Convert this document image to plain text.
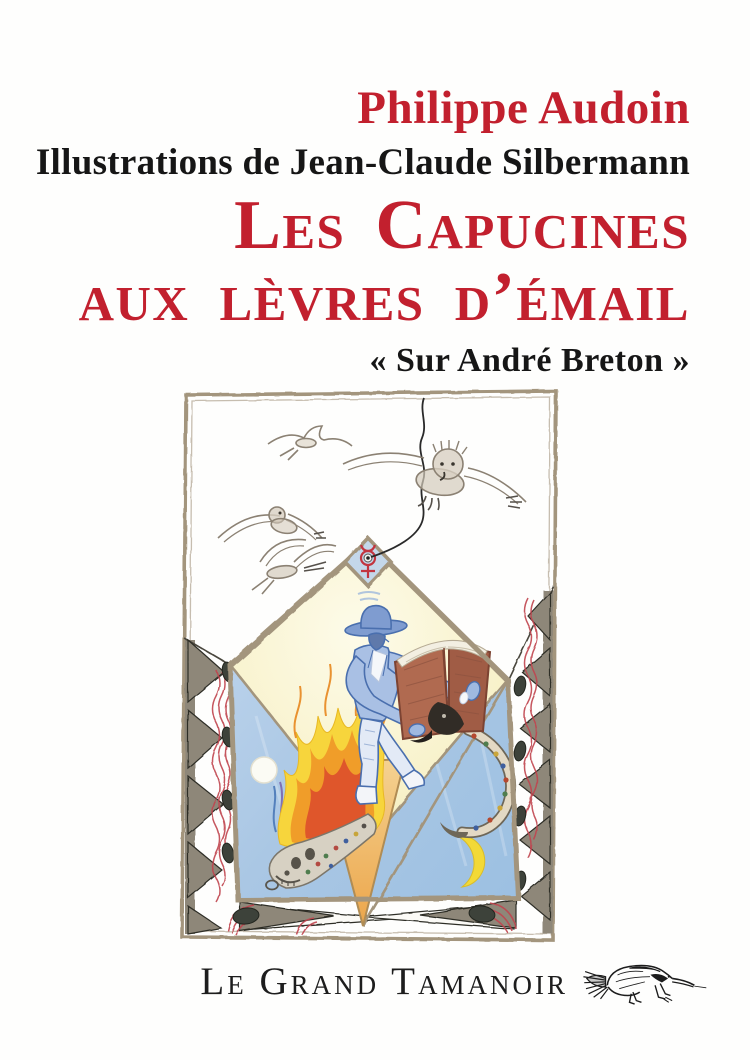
Philippe Audoin
Illustrations de Jean-Claude Silbermann
Les Capucines
aux lèvres d’émail
« Sur André Breton »
Le Grand Tamanoir
